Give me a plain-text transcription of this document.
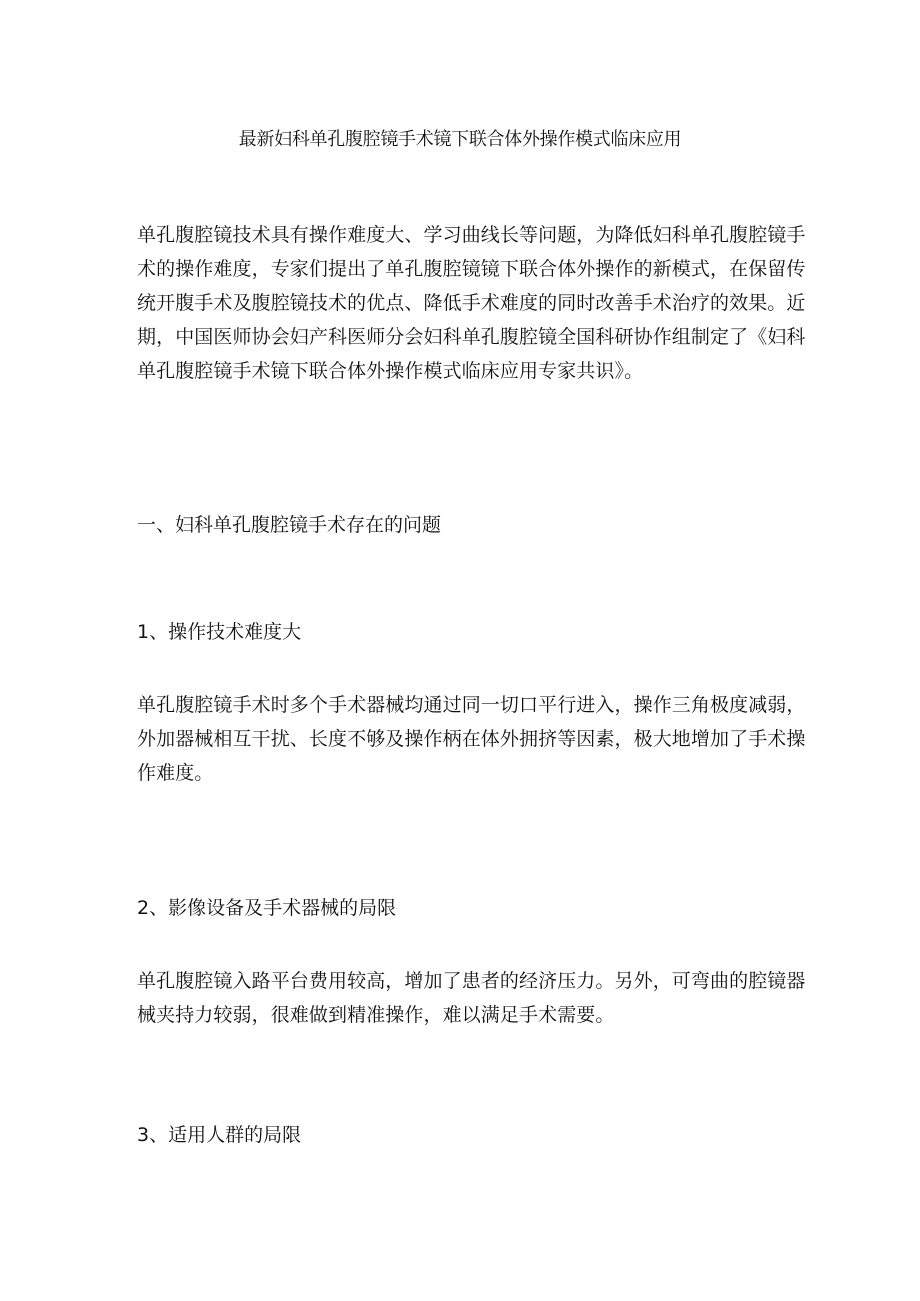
最新妇科单孔腹腔镜手术镜下联合体外操作模式临床应用

单孔腹腔镜技术具有操作难度大、学习曲线长等问题，为降低妇科单孔腹腔镜手
术的操作难度，专家们提出了单孔腹腔镜镜下联合体外操作的新模式，在保留传
统开腹手术及腹腔镜技术的优点、降低手术难度的同时改善手术治疗的效果。近
期，中国医师协会妇产科医师分会妇科单孔腹腔镜全国科研协作组制定了《妇科
单孔腹腔镜手术镜下联合体外操作模式临床应用专家共识》。

一、妇科单孔腹腔镜手术存在的问题
1、操作技术难度大

单孔腹腔镜手术时多个手术器械均通过同一切口平行进入，操作三角极度减弱，
外加器械相互干扰、长度不够及操作柄在体外拥挤等因素，极大地增加了手术操
作难度。

2、影像设备及手术器械的局限

单孔腹腔镜入路平台费用较高，增加了患者的经济压力。另外，可弯曲的腔镜器
械夹持力较弱，很难做到精准操作，难以满足手术需要。

3、适用人群的局限
